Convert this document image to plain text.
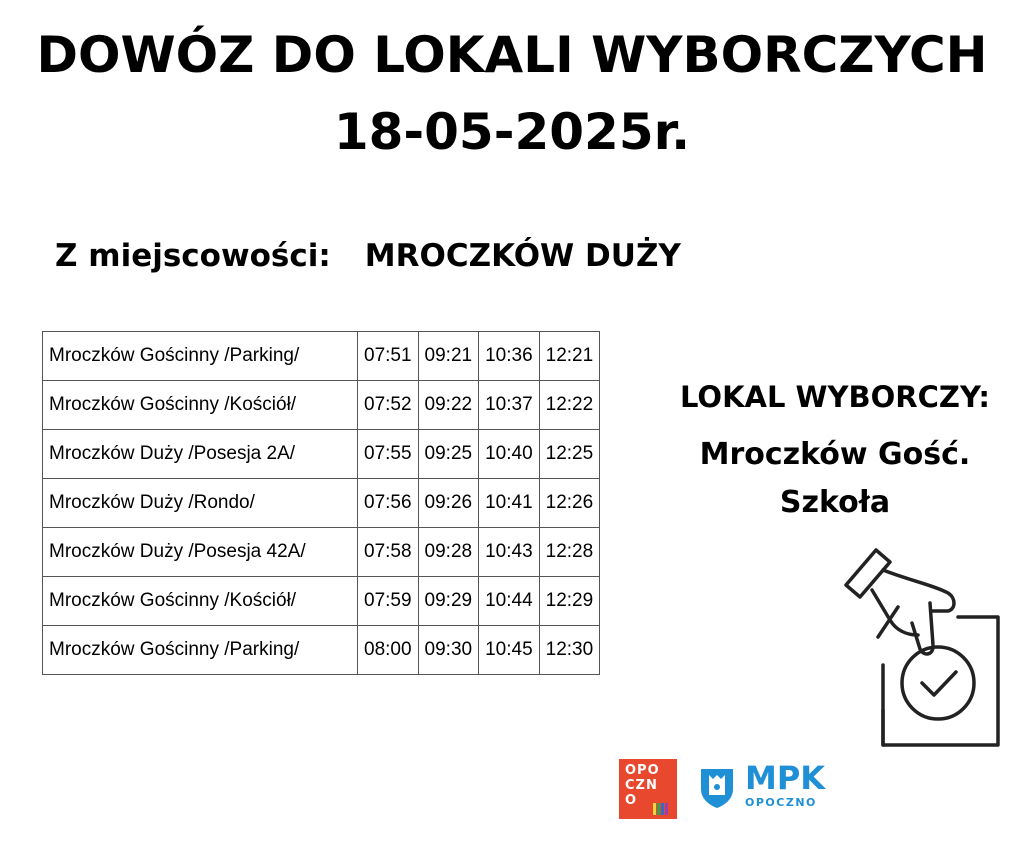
DOWÓZ DO LOKALI WYBORCZYCH
18-05-2025r.
Z miejscowości: MROCZKÓW DUŻY
Mroczków Gościnny /Parking/	07:51	09:21	10:36	12:21
Mroczków Gościnny /Kościół/	07:52	09:22	10:37	12:22
Mroczków Duży /Posesja 2A/	07:55	09:25	10:40	12:25
Mroczków Duży /Rondo/	07:56	09:26	10:41	12:26
Mroczków Duży /Posesja 42A/	07:58	09:28	10:43	12:28
Mroczków Gościnny /Kościół/	07:59	09:29	10:44	12:29
Mroczków Gościnny /Parking/	08:00	09:30	10:45	12:30
LOKAL WYBORCZY:
Mroczków Gość.
Szkoła
OPO
CZN
O
MPK
OPOCZNO
